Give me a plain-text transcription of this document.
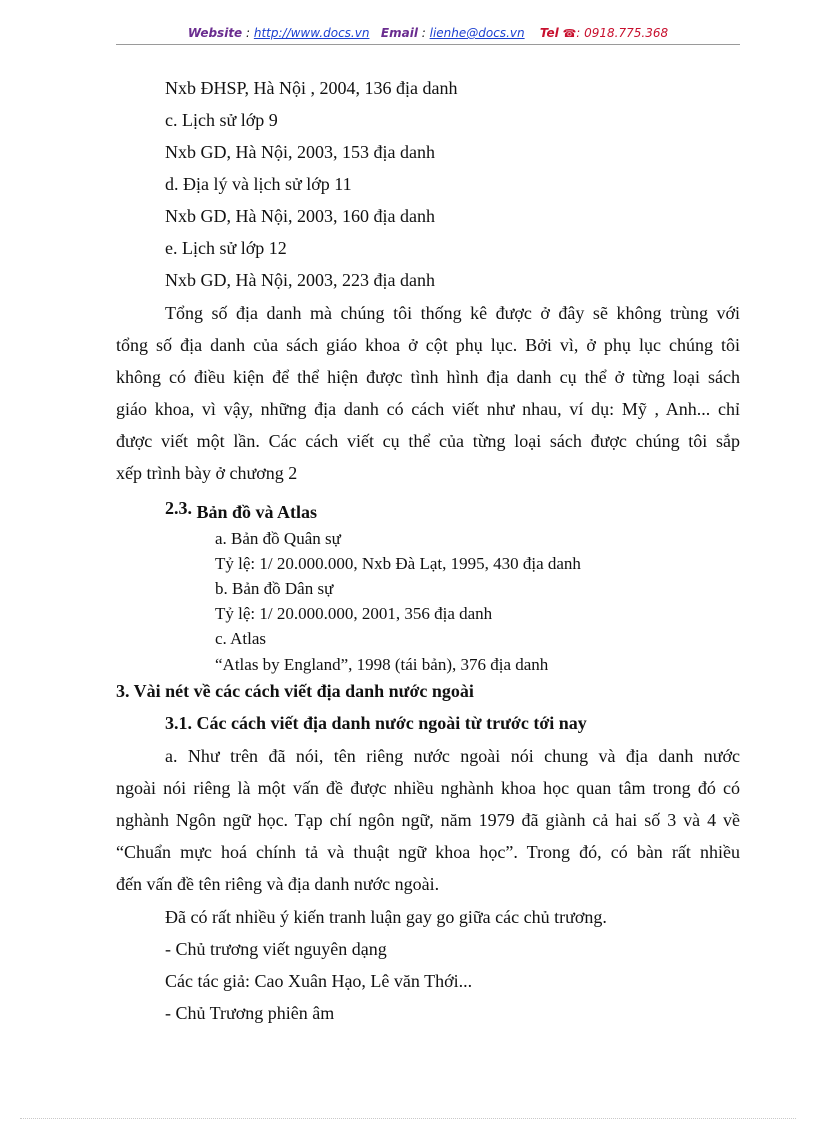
Website : http://www.docs.vn Email : lienhe@docs.vn Tel ☎: 0918.775.368
Nxb ĐHSP, Hà Nội , 2004, 136 địa danh
c. Lịch sử lớp 9
Nxb GD, Hà Nội, 2003, 153 địa danh
d. Địa lý và lịch sử lớp 11
Nxb GD, Hà Nội, 2003, 160 địa danh
e. Lịch sử lớp 12
Nxb GD, Hà Nội, 2003, 223 địa danh
Tổng số địa danh mà chúng tôi thống kê được ở đây sẽ không trùng với
tổng số địa danh của sách giáo khoa ở cột phụ lục. Bởi vì, ở phụ lục chúng tôi
không có điều kiện để thể hiện được tình hình địa danh cụ thể ở từng loại sách
giáo khoa, vì vậy, những địa danh có cách viết như nhau, ví dụ: Mỹ , Anh... chỉ
được viết một lần. Các cách viết cụ thể của từng loại sách được chúng tôi sắp
xếp trình bày ở chương 2
2.3. Bản đồ và Atlas
a. Bản đồ Quân sự
Tỷ lệ: 1/ 20.000.000, Nxb Đà Lạt, 1995, 430 địa danh
b. Bản đồ Dân sự
Tỷ lệ: 1/ 20.000.000, 2001, 356 địa danh
c. Atlas
“Atlas by England”, 1998 (tái bản), 376 địa danh
3. Vài nét về các cách viết địa danh nước ngoài
3.1. Các cách viết địa danh nước ngoài từ trước tới nay
a. Như trên đã nói, tên riêng nước ngoài nói chung và địa danh nước
ngoài nói riêng là một vấn đề được nhiều nghành khoa học quan tâm trong đó có
nghành Ngôn ngữ học. Tạp chí ngôn ngữ, năm 1979 đã giành cả hai số 3 và 4 về
“Chuẩn mực hoá chính tả và thuật ngữ khoa học”. Trong đó, có bàn rất nhiều
đến vấn đề tên riêng và địa danh nước ngoài.
Đã có rất nhiều ý kiến tranh luận gay go giữa các chủ trương.
- Chủ trương viết nguyên dạng
Các tác giả: Cao Xuân Hạo, Lê văn Thới...
- Chủ Trương phiên âm
